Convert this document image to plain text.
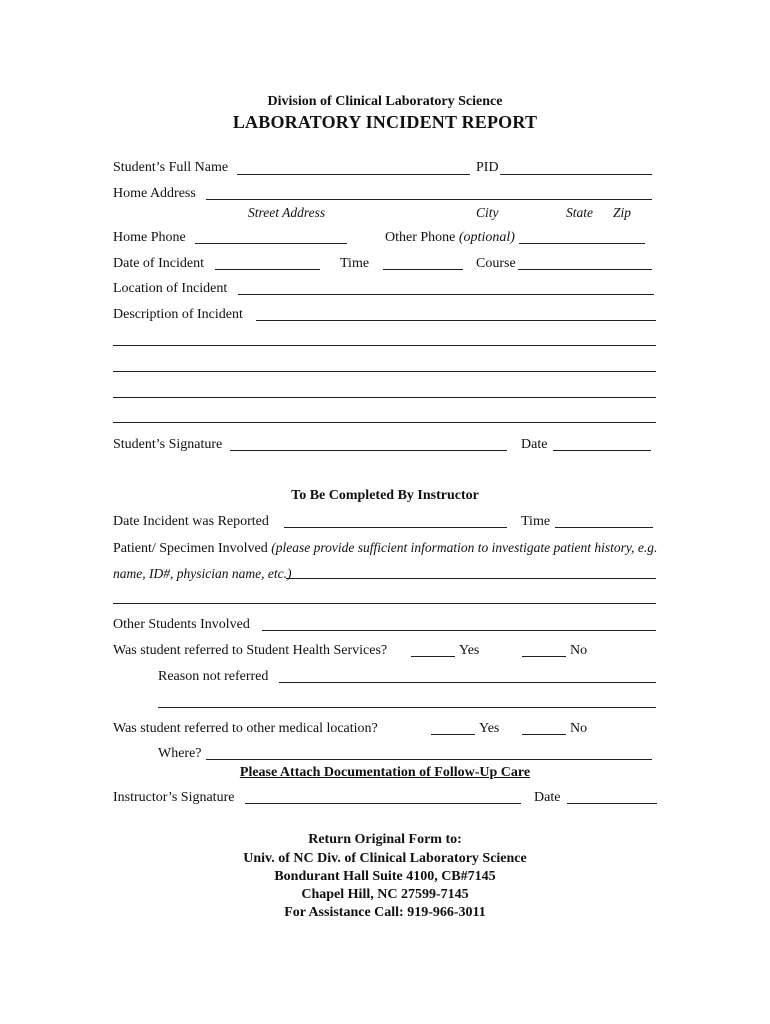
Division of Clinical Laboratory Science
LABORATORY INCIDENT REPORT
Student’s Full Name	PID
Home Address
Street Address	City	State Zip
Home Phone	Other Phone (optional)
Date of Incident	Time	Course
Location of Incident
Description of Incident
Student’s Signature	Date
To Be Completed By Instructor
Date Incident was Reported	Time
Patient/ Specimen Involved (please provide sufficient information to investigate patient history, e.g.
name, ID#, physician name, etc.)
Other Students Involved
Was student referred to Student Health Services?	Yes	No
Reason not referred
Was student referred to other medical location?	Yes	No
Where?
Please Attach Documentation of Follow-Up Care
Instructor’s Signature	Date
Return Original Form to:
Univ. of NC Div. of Clinical Laboratory Science
Bondurant Hall Suite 4100, CB#7145
Chapel Hill, NC 27599-7145
For Assistance Call: 919-966-3011
